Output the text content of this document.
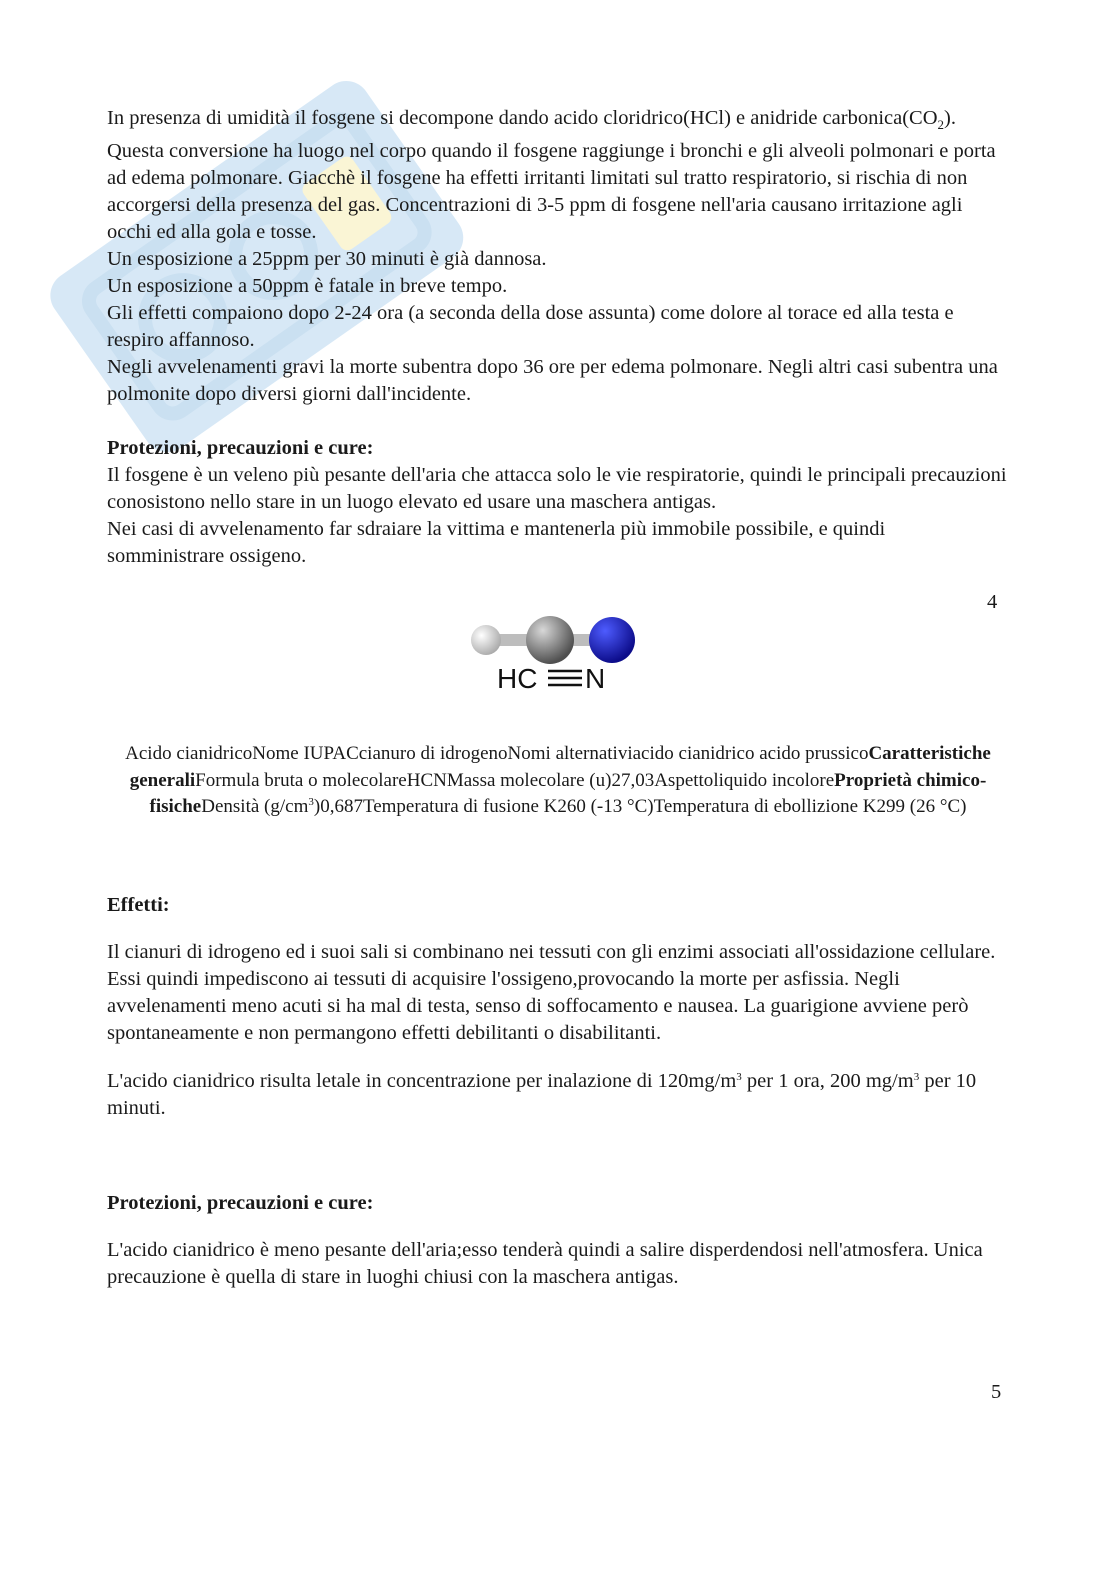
In presenza di umidità il fosgene si decompone dando acido cloridrico(HCl) e anidride $carbonica(CO_2)$. Questa conversione ha luogo nel corpo quando il fosgene raggiunge i bronchi e gli alveoli polmonari e porta ad edema polmonare. Giacchè il fosgene ha effetti irritanti limitati sul tratto respiratorio, si rischia di non accorgersi della presenza del gas. Concentrazioni di 3-5 ppm di fosgene nell'aria causano irritazione agli occhi ed alla gola e tosse.

Un esposizione a 25ppm per 30 minuti è già dannosa.

Un esposizione a 50ppm è fatale in breve tempo.

Gli effetti compaiono dopo 2-24 ora (a seconda della dose assunta) come dolore al torace ed alla testa e respiro affannoso.

Negli avvelenamenti gravi la morte subentra dopo 36 ore per edema polmonare. Negli altri casi subentra una polmonite dopo diversi giorni dall'incidente.

Protezioni, precauzioni e cure:

Il fosgene è un veleno più pesante dell'aria che attacca solo le vie respiratorie, quindi le principali precauzioni conosistono nello stare in un luogo elevato ed usare una maschera antigas.

Nei casi di avvelenamento far sdraiare la vittima e mantenerla più immobile possibile, e quindi somministrare ossigeno.

4
HC N
Acido cianidricoNome IUPACcianuro di idrogenoNomi alternativiacido cianidrico acido prussicoCaratteristiche generaliFormula bruta o molecolareHCNMassa molecolare (u)27,03Aspettoliquido incoloreProprietà chimico-fisicheDensità $(g/cm^3)0,687Temperatura$ di fusione K260 (-13 °C)Temperatura di ebollizione K299 (26 °C)

Effetti:

Il cianuri di idrogeno ed i suoi sali si combinano nei tessuti con gli enzimi associati all'ossidazione cellulare. Essi quindi impediscono ai tessuti di acquisire l'ossigeno,provocando la morte per asfissia. Negli avvelenamenti meno acuti si ha mal di testa, senso di soffocamento e nausea. La guarigione avviene però spontaneamente e non permangono effetti debilitanti o disabilitanti.

L'acido cianidrico risulta letale in concentrazione per inalazione di $120mg/m^3$ per 1 ora, 200 $mg/m^3$ per 10 minuti.

Protezioni, precauzioni e cure:

L'acido cianidrico è meno pesante dell'aria;esso tenderà quindi a salire disperdendosi nell'atmosfera. Unica precauzione è quella di stare in luoghi chiusi con la maschera antigas.

5
